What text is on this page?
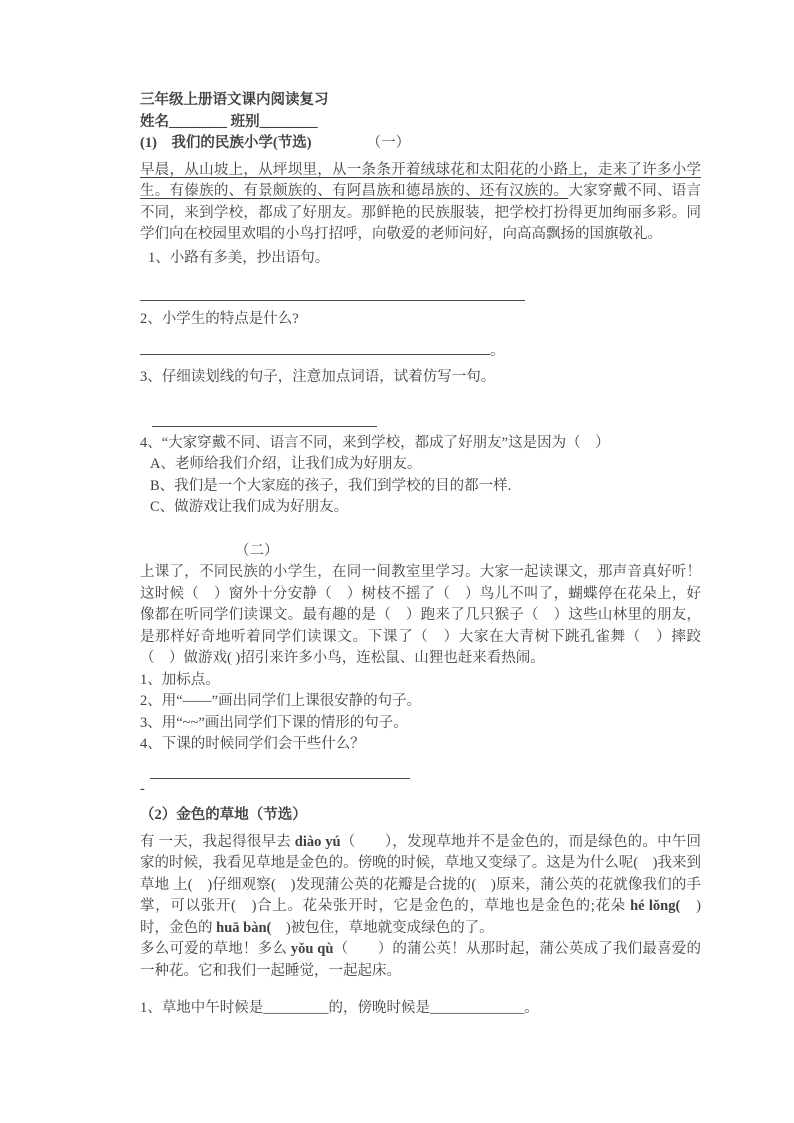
三年级上册语文课内阅读复习

姓名________ 班别________

(1)　我们的民族小学(节选)	（一）

早晨，从山坡上，从坪坝里，从一条条开着绒球花和太阳花的小路上，走来了许多小学生。有傣族的、有景颇族的、有阿昌族和德昂族的、还有汉族的。大家穿戴不同、语言不同，来到学校，都成了好朋友。那鲜艳的民族服装，把学校打扮得更加绚丽多彩。同学们向在校园里欢唱的小鸟打招呼，向敬爱的老师问好，向高高飘扬的国旗敬礼。

1、小路有多美，抄出语句。

2、小学生的特点是什么?

。

3、仔细读划线的句子，注意加点词语，试着仿写一句。

4、“大家穿戴不同、语言不同，来到学校，都成了好朋友”这是因为（　）

A、老师给我们介绍，让我们成为好朋友。

B、我们是一个大家庭的孩子，我们到学校的目的都一样.

C、做游戏让我们成为好朋友。

（二）

上课了，不同民族的小学生，在同一间教室里学习。大家一起读课文，那声音真好听！这时候（　）窗外十分安静（　）树枝不摇了（　）鸟儿不叫了，蝴蝶停在花朵上，好像都在听同学们读课文。最有趣的是（　）跑来了几只猴子（　）这些山林里的朋友，是那样好奇地听着同学们读课文。下课了（　）大家在大青树下跳孔雀舞（　）摔跤（　）做游戏( )招引来许多小鸟，连松鼠、山狸也赶来看热闹。

1、加标点。

2、用“——”画出同学们上课很安静的句子。

3、用“~~”画出同学们下课的情形的句子。

4、下课的时候同学们会干些什么？

-

（2）金色的草地（节选）

有 一天，我起得很早去 diào yú（　　），发现草地并不是金色的，而是绿色的。中午回家的时候，我看见草地是金色的。傍晚的时候，草地又变绿了。这是为什么呢(　)我来到草地 上(　)仔细观察(　)发现蒲公英的花瓣是合拢的(　)原来，蒲公英的花就像我们的手掌，可以张开(　)合上。花朵张开时，它是金色的，草地也是金色的;花朵 hé lǒng(　)时，金色的 huā bàn(　)被包住，草地就变成绿色的了。

多么可爱的草地！多么 yǒu qù（　　）的蒲公英！从那时起，蒲公英成了我们最喜爱的一种花。它和我们一起睡觉，一起起床。

1、草地中午时候是_________的，傍晚时候是_____________。
